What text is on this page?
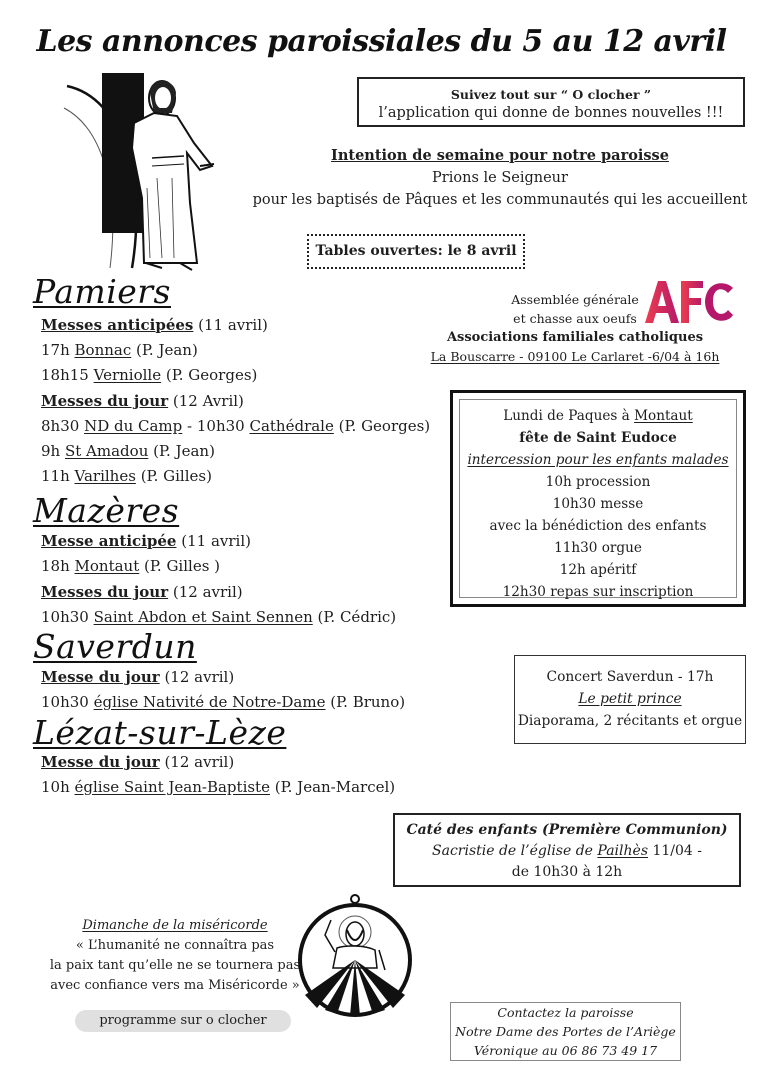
Les annonces paroissiales du 5 au 12 avril
Suivez tout sur “ O clocher ”
l’application qui donne de bonnes nouvelles !!!
Intention de semaine pour notre paroisse
Prions le Seigneur
pour les baptisés de Pâques et les communautés qui les accueillent
Tables ouvertes: le 8 avril
Assemblée générale
et chasse aux oeufs
Associations familiales catholiques
La Bouscarre - 09100 Le Carlaret -6/04 à 16h
Pamiers
Messes anticipées (11 avril)
17h Bonnac (P. Jean)
18h15 Verniolle (P. Georges)
Messes du jour (12 Avril)
8h30 ND du Camp - 10h30 Cathédrale (P. Georges)
9h St Amadou (P. Jean)
11h Varilhes (P. Gilles)
Mazères
Messe anticipée (11 avril)
18h Montaut (P. Gilles )
Messes du jour (12 avril)
10h30 Saint Abdon et Saint Sennen (P. Cédric)
Saverdun
Messe du jour (12 avril)
10h30 église Nativité de Notre-Dame (P. Bruno)
Lézat-sur-Lèze
Messe du jour (12 avril)
10h église Saint Jean-Baptiste (P. Jean-Marcel)
Lundi de Paques à Montaut
fête de Saint Eudoce
intercession pour les enfants malades
10h procession
10h30 messe
avec la bénédiction des enfants
11h30 orgue
12h apéritf
12h30 repas sur inscription
Concert Saverdun - 17h
Le petit prince
Diaporama, 2 récitants et orgue
Caté des enfants (Première Communion)
Sacristie de l’église de Pailhès 11/04 -
de 10h30 à 12h
Dimanche de la miséricorde
« L’humanité ne connaîtra pas
la paix tant qu’elle ne se tournera pas
avec confiance vers ma Miséricorde »
programme sur o clocher
Contactez la paroisse
Notre Dame des Portes de l’Ariège
Véronique au 06 86 73 49 17
